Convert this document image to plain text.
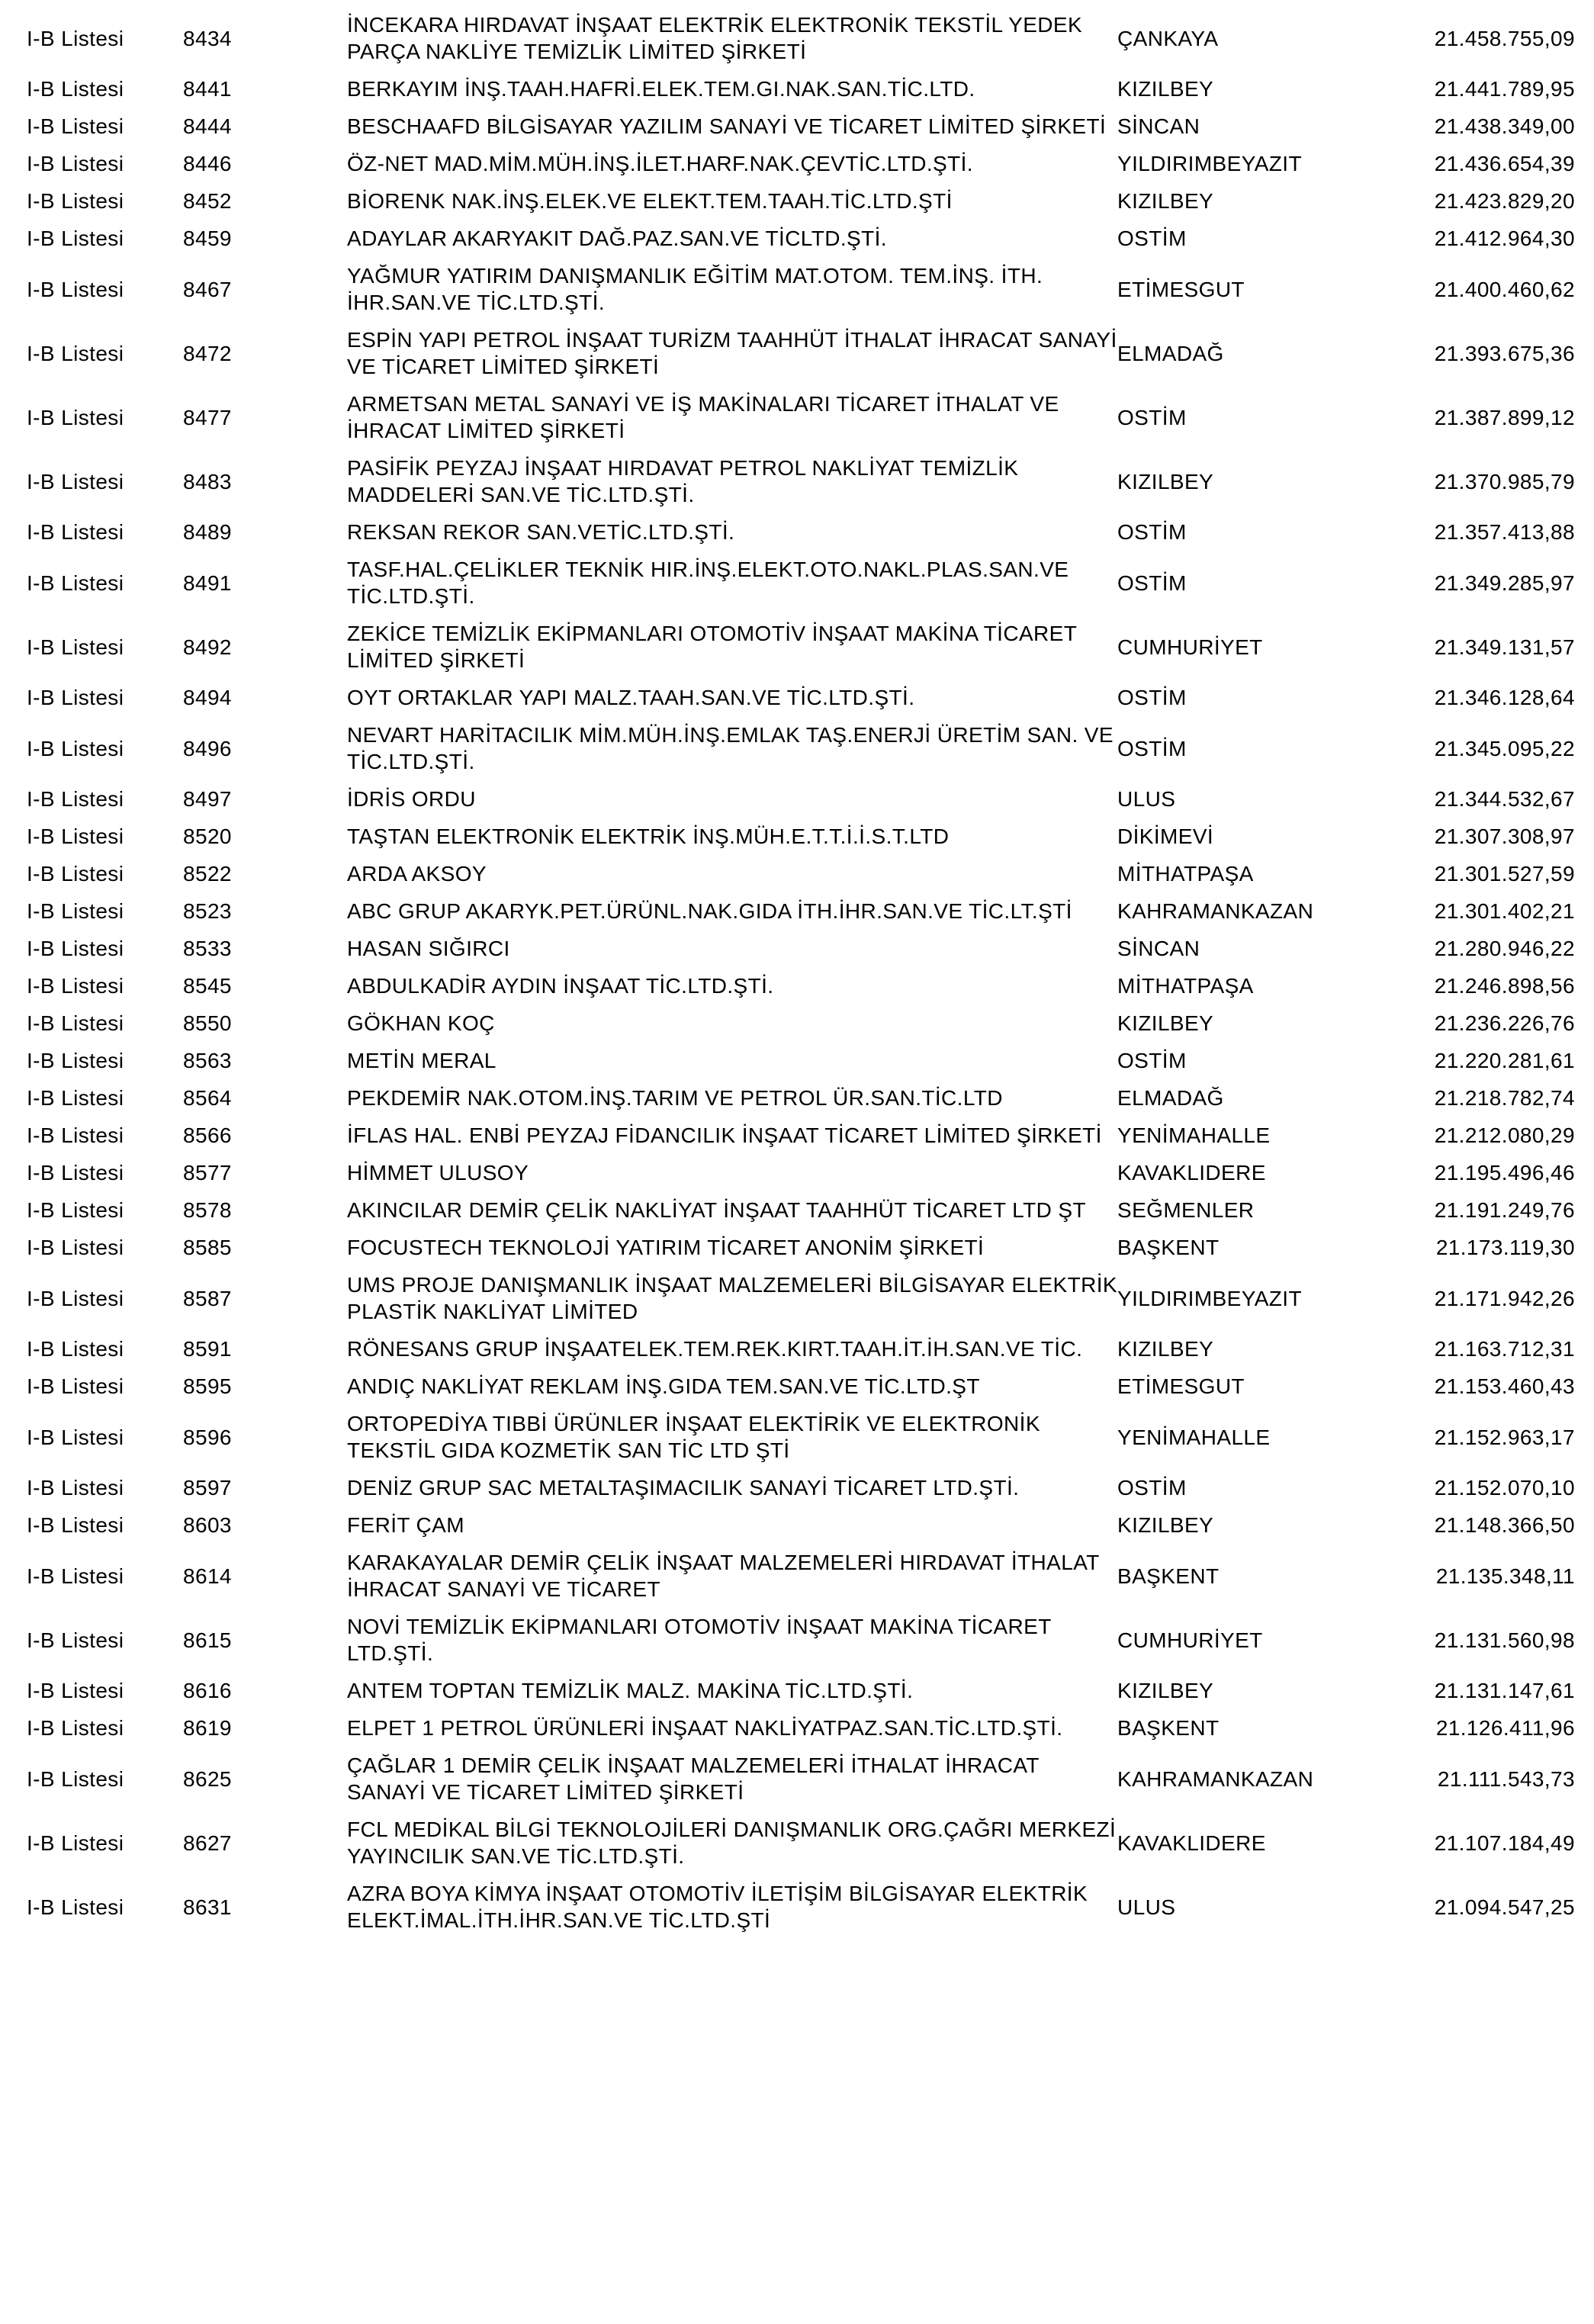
I-B Listesi	8434	İNCEKARA HIRDAVAT İNŞAAT ELEKTRİK ELEKTRONİK TEKSTİL YEDEK PARÇA NAKLİYE TEMİZLİK LİMİTED ŞİRKETİ	ÇANKAYA	21.458.755,09
I-B Listesi	8441	BERKAYIM İNŞ.TAAH.HAFRİ.ELEK.TEM.GI.NAK.SAN.TİC.LTD.	KIZILBEY	21.441.789,95
I-B Listesi	8444	BESCHAAFD BİLGİSAYAR YAZILIM SANAYİ VE TİCARET LİMİTED ŞİRKETİ	SİNCAN	21.438.349,00
I-B Listesi	8446	ÖZ-NET MAD.MİM.MÜH.İNŞ.İLET.HARF.NAK.ÇEVTİC.LTD.ŞTİ.	YILDIRIMBEYAZIT	21.436.654,39
I-B Listesi	8452	BİORENK NAK.İNŞ.ELEK.VE ELEKT.TEM.TAAH.TİC.LTD.ŞTİ	KIZILBEY	21.423.829,20
I-B Listesi	8459	ADAYLAR AKARYAKIT DAĞ.PAZ.SAN.VE TİCLTD.ŞTİ.	OSTİM	21.412.964,30
I-B Listesi	8467	YAĞMUR YATIRIM DANIŞMANLIK EĞİTİM MAT.OTOM. TEM.İNŞ. İTH. İHR.SAN.VE TİC.LTD.ŞTİ.	ETİMESGUT	21.400.460,62
I-B Listesi	8472	ESPİN YAPI PETROL İNŞAAT TURİZM TAAHHÜT İTHALAT İHRACAT SANAYİ VE TİCARET LİMİTED ŞİRKETİ	ELMADAĞ	21.393.675,36
I-B Listesi	8477	ARMETSAN METAL SANAYİ VE İŞ MAKİNALARI TİCARET İTHALAT VE İHRACAT LİMİTED ŞİRKETİ	OSTİM	21.387.899,12
I-B Listesi	8483	PASİFİK PEYZAJ İNŞAAT HIRDAVAT PETROL NAKLİYAT TEMİZLİK MADDELERİ SAN.VE TİC.LTD.ŞTİ.	KIZILBEY	21.370.985,79
I-B Listesi	8489	REKSAN REKOR SAN.VETİC.LTD.ŞTİ.	OSTİM	21.357.413,88
I-B Listesi	8491	TASF.HAL.ÇELİKLER TEKNİK HIR.İNŞ.ELEKT.OTO.NAKL.PLAS.SAN.VE TİC.LTD.ŞTİ.	OSTİM	21.349.285,97
I-B Listesi	8492	ZEKİCE TEMİZLİK EKİPMANLARI OTOMOTİV İNŞAAT MAKİNA TİCARET LİMİTED ŞİRKETİ	CUMHURİYET	21.349.131,57
I-B Listesi	8494	OYT ORTAKLAR YAPI MALZ.TAAH.SAN.VE TİC.LTD.ŞTİ.	OSTİM	21.346.128,64
I-B Listesi	8496	NEVART HARİTACILIK MİM.MÜH.İNŞ.EMLAK TAŞ.ENERJİ ÜRETİM SAN. VE TİC.LTD.ŞTİ.	OSTİM	21.345.095,22
I-B Listesi	8497	İDRİS ORDU	ULUS	21.344.532,67
I-B Listesi	8520	TAŞTAN ELEKTRONİK ELEKTRİK İNŞ.MÜH.E.T.T.İ.İ.S.T.LTD	DİKİMEVİ	21.307.308,97
I-B Listesi	8522	ARDA AKSOY	MİTHATPAŞA	21.301.527,59
I-B Listesi	8523	ABC GRUP AKARYK.PET.ÜRÜNL.NAK.GIDA İTH.İHR.SAN.VE TİC.LT.ŞTİ	KAHRAMANKAZAN	21.301.402,21
I-B Listesi	8533	HASAN SIĞIRCI	SİNCAN	21.280.946,22
I-B Listesi	8545	ABDULKADİR AYDIN İNŞAAT TİC.LTD.ŞTİ.	MİTHATPAŞA	21.246.898,56
I-B Listesi	8550	GÖKHAN KOÇ	KIZILBEY	21.236.226,76
I-B Listesi	8563	METİN MERAL	OSTİM	21.220.281,61
I-B Listesi	8564	PEKDEMİR NAK.OTOM.İNŞ.TARIM VE PETROL ÜR.SAN.TİC.LTD	ELMADAĞ	21.218.782,74
I-B Listesi	8566	İFLAS HAL. ENBİ PEYZAJ FİDANCILIK İNŞAAT TİCARET LİMİTED ŞİRKETİ	YENİMAHALLE	21.212.080,29
I-B Listesi	8577	HİMMET ULUSOY	KAVAKLIDERE	21.195.496,46
I-B Listesi	8578	AKINCILAR DEMİR ÇELİK NAKLİYAT İNŞAAT TAAHHÜT TİCARET LTD ŞT	SEĞMENLER	21.191.249,76
I-B Listesi	8585	FOCUSTECH TEKNOLOJİ YATIRIM TİCARET ANONİM ŞİRKETİ	BAŞKENT	21.173.119,30
I-B Listesi	8587	UMS PROJE DANIŞMANLIK İNŞAAT MALZEMELERİ BİLGİSAYAR ELEKTRİK PLASTİK NAKLİYAT LİMİTED	YILDIRIMBEYAZIT	21.171.942,26
I-B Listesi	8591	RÖNESANS GRUP İNŞAATELEK.TEM.REK.KIRT.TAAH.İT.İH.SAN.VE TİC.	KIZILBEY	21.163.712,31
I-B Listesi	8595	ANDIÇ NAKLİYAT REKLAM İNŞ.GIDA TEM.SAN.VE TİC.LTD.ŞT	ETİMESGUT	21.153.460,43
I-B Listesi	8596	ORTOPEDİYA TIBBİ ÜRÜNLER İNŞAAT ELEKTİRİK VE ELEKTRONİK TEKSTİL GIDA KOZMETİK SAN TİC LTD ŞTİ	YENİMAHALLE	21.152.963,17
I-B Listesi	8597	DENİZ GRUP SAC METALTAŞIMACILIK SANAYİ TİCARET LTD.ŞTİ.	OSTİM	21.152.070,10
I-B Listesi	8603	FERİT ÇAM	KIZILBEY	21.148.366,50
I-B Listesi	8614	KARAKAYALAR DEMİR ÇELİK İNŞAAT MALZEMELERİ HIRDAVAT İTHALAT İHRACAT SANAYİ VE TİCARET	BAŞKENT	21.135.348,11
I-B Listesi	8615	NOVİ TEMİZLİK EKİPMANLARI OTOMOTİV İNŞAAT MAKİNA TİCARET LTD.ŞTİ.	CUMHURİYET	21.131.560,98
I-B Listesi	8616	ANTEM TOPTAN TEMİZLİK MALZ. MAKİNA TİC.LTD.ŞTİ.	KIZILBEY	21.131.147,61
I-B Listesi	8619	ELPET 1 PETROL ÜRÜNLERİ İNŞAAT NAKLİYATPAZ.SAN.TİC.LTD.ŞTİ.	BAŞKENT	21.126.411,96
I-B Listesi	8625	ÇAĞLAR 1 DEMİR ÇELİK İNŞAAT MALZEMELERİ İTHALAT İHRACAT SANAYİ VE TİCARET LİMİTED ŞİRKETİ	KAHRAMANKAZAN	21.111.543,73
I-B Listesi	8627	FCL MEDİKAL BİLGİ TEKNOLOJİLERİ DANIŞMANLIK ORG.ÇAĞRI MERKEZİ YAYINCILIK SAN.VE TİC.LTD.ŞTİ.	KAVAKLIDERE	21.107.184,49
I-B Listesi	8631	AZRA BOYA KİMYA İNŞAAT OTOMOTİV İLETİŞİM BİLGİSAYAR ELEKTRİK ELEKT.İMAL.İTH.İHR.SAN.VE TİC.LTD.ŞTİ	ULUS	21.094.547,25
